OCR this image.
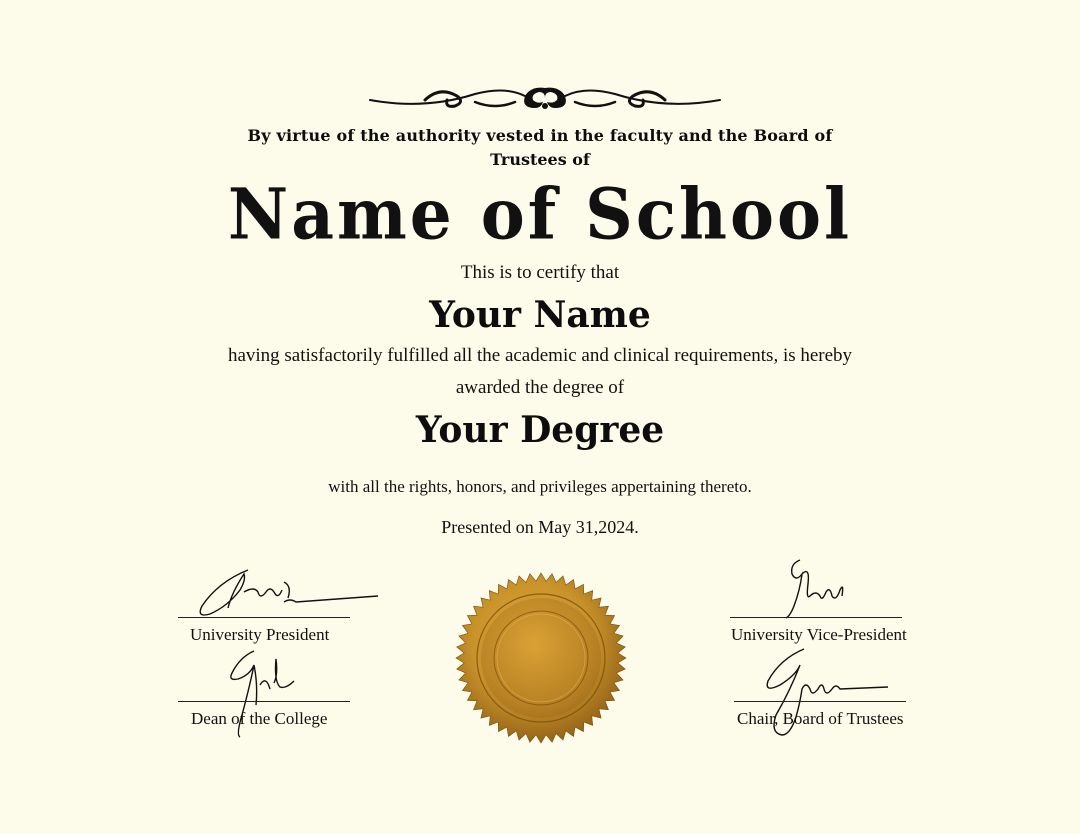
By virtue of the authority vested in the faculty and the Board of
Trustees of
Name of School
This is to certify that
Your Name
having satisfactorily fulfilled all the academic and clinical requirements, is hereby
awarded the degree of
Your Degree
with all the rights, honors, and privileges appertaining thereto.
Presented on May 31,2024.
University President
Dean of the College
University Vice-President
Chair, Board of Trustees
